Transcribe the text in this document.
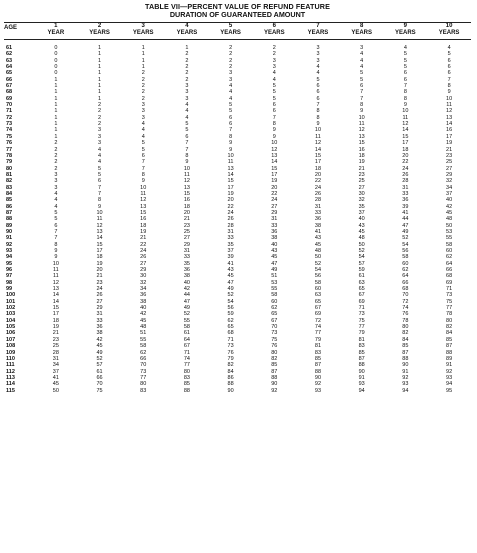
TABLE VII—PERCENT VALUE OF REFUND FEATURE
DURATION OF GUARANTEED AMOUNT

AGE	1	2	3	4	5	6	7	8	9	10
	YEAR	YEARS	YEARS	YEARS	YEARS	YEARS	YEARS	YEARS	YEARS	YEARS

61	0	1	1	1	2	2	3	3	4	4
62	0	1	1	2	2	2	3	4	5	5
63	0	1	1	2	2	3	3	4	5	6
64	0	1	1	2	2	3	4	4	5	6
65	0	1	2	2	3	4	4	5	6	6
66	1	1	2	2	3	4	5	5	6	7
67	1	1	2	3	4	5	6	6	7	8
68	1	1	2	3	4	5	6	7	8	9
69	1	1	2	3	4	5	6	7	8	10
70	1	2	3	4	5	6	7	8	9	11
71	1	2	3	4	5	6	8	9	10	12
72	1	2	3	4	6	7	8	10	11	13
73	1	2	4	5	6	8	9	11	12	14
74	1	3	4	5	7	9	10	12	14	16
75	1	3	4	6	8	9	11	13	15	17
76	2	3	5	7	9	10	12	15	17	19
77	2	4	5	7	9	12	14	16	18	21
78	2	4	6	8	10	13	15	18	20	23
79	2	4	7	9	11	14	17	19	22	25
80	2	5	7	10	13	15	18	21	24	27
81	3	5	8	11	14	17	20	23	26	29
82	3	6	9	12	15	19	22	25	28	32
83	3	7	10	13	17	20	24	27	31	34
84	4	7	11	15	19	22	26	30	33	37
85	4	8	12	16	20	24	28	32	36	40
86	4	9	13	18	22	27	31	35	39	42
87	5	10	15	20	24	29	33	37	41	45
88	5	11	16	21	26	31	36	40	44	48
89	6	12	18	23	28	33	38	43	47	50
90	7	13	19	25	31	36	41	45	49	53
91	7	14	21	27	33	38	43	48	52	55
92	8	15	22	29	35	40	45	50	54	58
93	9	17	24	31	37	43	48	52	56	60
94	9	18	26	33	39	45	50	54	58	62
95	10	19	27	35	41	47	52	57	60	64
96	11	20	29	36	43	49	54	59	62	66
97	11	21	30	38	45	51	56	61	64	68
98	12	23	32	40	47	53	58	63	66	69
99	13	24	34	42	49	55	60	65	68	71
100	14	26	36	44	52	58	63	67	70	73
101	14	27	38	47	54	60	65	69	72	75
102	15	29	40	49	56	62	67	71	74	77
103	17	31	42	52	59	65	69	73	76	78
104	18	33	45	55	62	67	72	75	78	80
105	19	36	48	58	65	70	74	77	80	82
106	21	38	51	61	68	73	77	79	82	84
107	23	42	55	64	71	75	79	81	84	85
108	25	45	58	67	73	76	81	83	85	87
109	28	49	62	71	76	80	83	85	87	88
110	31	52	66	74	79	82	85	87	88	89
111	34	57	70	77	82	85	87	88	90	91
112	37	61	73	80	84	87	88	90	91	92
113	41	66	77	83	86	88	90	91	92	93
114	45	70	80	85	88	90	92	93	93	94
115	50	75	83	88	90	92	93	94	94	95
